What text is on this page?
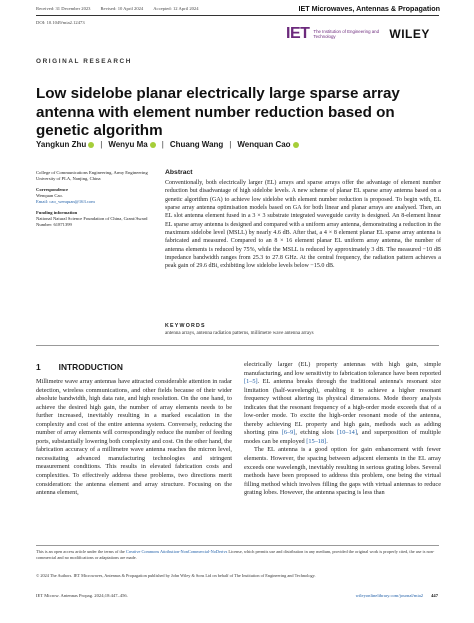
Received: 31 December 2023 Revised: 10 April 2024 Accepted: 12 April 2024	IET Microwaves, Antennas & Propagation
DOI: 10.1049/mia2.12473
IET The Institution of Engineering and Technology	WILEY
ORIGINAL RESEARCH
Low sidelobe planar electrically large sparse array antenna with element number reduction based on genetic algorithm
Yangkun Zhu	| Wenyu Ma	| Chuang Wang | Wenquan Cao
College of Communications Engineering, Army Engineering University of PLA, Nanjing, China
Correspondence
Wenquan Cao.
Email: cao_wenquan@163.com
Funding information
National Natural Science Foundation of China, Grant/Award Number: 61871399
Abstract
Conventionally, both electrically larger (EL) arrays and sparse arrays offer the advantage of element number reduction but disadvantage of high sidelobe levels. A new scheme of planar EL sparse array antenna based on a genetic algorithm (GA) to achieve low sidelobe with element number reduction is proposed. To begin with, EL sparse array antenna optimisation models based on GA for both linear and planar arrays are analysed. Then, an EL slot antenna element fused in a 3 × 3 substrate integrated waveguide cavity is designed. An 8-element linear EL sparse array antenna is designed and compared with a uniform array antenna, demonstrating a reduction in the maximum sidelobe level (MSLL) by nearly 4.6 dB. After that, a 4 × 8 element planar EL sparse array antenna is fabricated and measured. Compared to an 8 × 16 element planar EL uniform array antenna, the number of antenna elements is reduced by 75%, while the MSLL is reduced by approximately 3 dB. The measured −10 dB impedance bandwidth ranges from 25.3 to 27.8 GHz. At the central frequency, the radiation pattern achieves a peak gain of 29.6 dBi, exhibiting low sidelobe levels below −15.0 dB.
KEYWORDS
antenna arrays, antenna radiation patterns, millimetre wave antenna arrays
1 INTRODUCTION
Millimetre wave array antennas have attracted considerable attention in radar detection, wireless communications, and other fields because of their wider absolute bandwidth, high data rate, and high resolution. On the one hand, to achieve the desired high gain, the number of array elements needs to be further increased, inevitably resulting in a marked escalation in the complexity and cost of the entire antenna system. Conversely, reducing the number of array elements will correspondingly reduce the number of feeding ports, substantially lowering both complexity and cost. On the other hand, the fabrication accuracy of a millimetre wave antenna reaches the micron level, necessitating advanced manufacturing technologies and stringent measurement conditions. This results in elevated fabrication costs and complexities. To effectively address these problems, two directions merit consideration: the antenna element and array structure. Focusing on the antenna element,
electrically larger (EL) property antennas with high gain, simple manufacturing, and low sensitivity to fabrication tolerance have been reported [1–5]. EL antenna breaks through the traditional antenna's resonant size limitation (half-wavelength), enabling it to achieve a higher resonant frequency without altering its physical dimensions. Mode theory analysis indicates that the resonant frequency of a high-order mode exceeds that of a low-order mode. To excite the high-order resonant mode of the antenna, thereby achieving EL property and high gain, methods such as adding shorting pins [6–9], etching slots [10–14], and superposition of multiple modes can be employed [15–18].
The EL antenna is a good option for gain enhancement with fewer elements. However, the spacing between adjacent elements in the EL array exceeds one wavelength, inevitably resulting in serious grating lobes. Several methods have been proposed to address this problem, one being the virtual filling method which involves filling the gaps with virtual antennas to reduce grating lobes. However, the antenna spacing is less than
This is an open access article under the terms of the Creative Commons Attribution-NonCommercial-NoDerivs License, which permits use and distribution in any medium, provided the original work is properly cited, the use is non-commercial and no modifications or adaptations are made.
© 2024 The Authors. IET Microwaves, Antennas & Propagation published by John Wiley & Sons Ltd on behalf of The Institution of Engineering and Technology.
IET Microw. Antennas Propag. 2024;18:447–456.	wileyonlinelibrary.com/journal/mia2 447
